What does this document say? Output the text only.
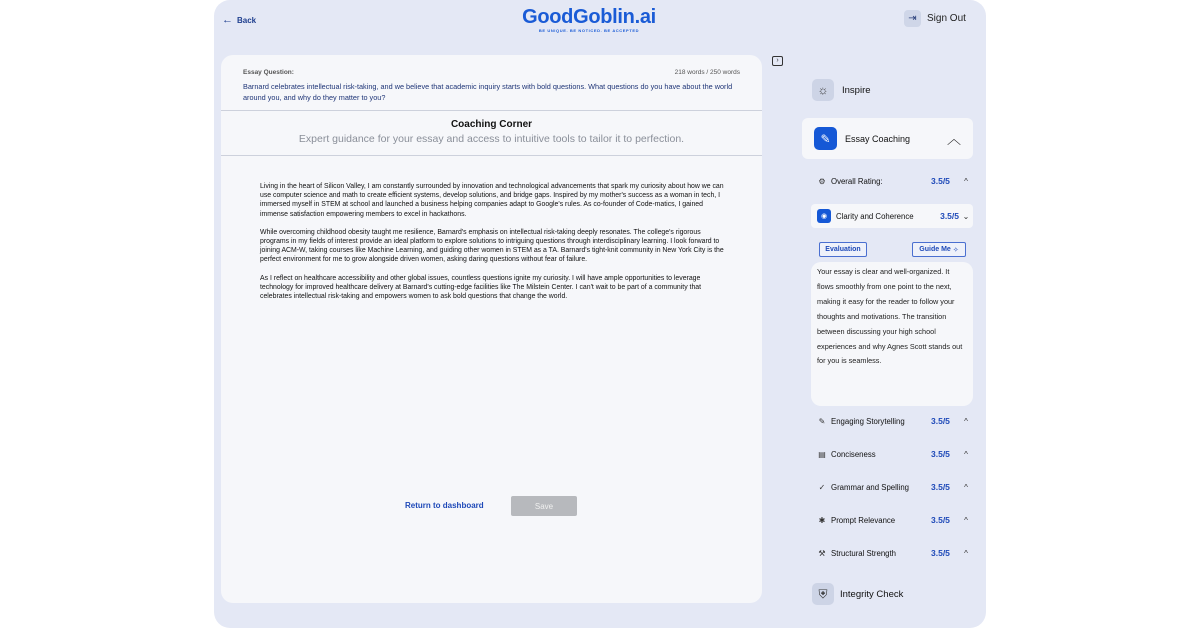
← Back	GoodGoblin.ai
BE UNIQUE. BE NOTICED. BE ACCEPTED
⇥	Sign Out
Essay Question:	218 words / 250 words
Barnard celebrates intellectual risk-taking, and we believe that academic inquiry starts with bold questions. What questions do you have about the world around you, and why do they matter to you?
Coaching Corner
Expert guidance for your essay and access to intuitive tools to tailor it to perfection.

Living in the heart of Silicon Valley, I am constantly surrounded by innovation and technological advancements that spark my curiosity about how we can use computer science and math to create efficient systems, develop solutions, and bridge gaps. Inspired by my mother's success as a woman in tech, I immersed myself in STEM at school and launched a business helping companies adapt to Google's rules. As co-founder of Code-matics, I gained immense satisfaction empowering members to excel in hackathons.

While overcoming childhood obesity taught me resilience, Barnard's emphasis on intellectual risk-taking deeply resonates. The college's rigorous programs in my fields of interest provide an ideal platform to explore solutions to intriguing questions through interdisciplinary learning. I look forward to joining ACM-W, taking courses like Machine Learning, and guiding other women in STEM as a TA. Barnard's tight-knit community in New York City is the perfect environment for me to grow alongside driven women, asking daring questions without fear of failure.

As I reflect on healthcare accessibility and other global issues, countless questions ignite my curiosity. I will have ample opportunities to leverage technology for improved healthcare delivery at Barnard's cutting-edge facilities like The Milstein Center. I can't wait to be part of a community that celebrates intellectual risk-taking and empowers women to ask bold questions that change the world.

Return to dashboard	Save
›
☼	Inspire
✎	Essay Coaching	︿
⚙ Overall Rating:	3.5/5	^
◉	Clarity and Coherence	3.5/5 ⌄
Evaluation	Guide Me ✧
Your essay is clear and well-organized. It flows smoothly from one point to the next, making it easy for the reader to follow your thoughts and motivations. The transition between discussing your high school experiences and why Agnes Scott stands out for you is seamless.
✎ Engaging Storytelling	3.5/5	^
▤ Conciseness	3.5/5	^
✓ Grammar and Spelling	3.5/5	^
✱ Prompt Relevance	3.5/5	^
⚒ Structural Strength	3.5/5	^
⛨	Integrity Check
